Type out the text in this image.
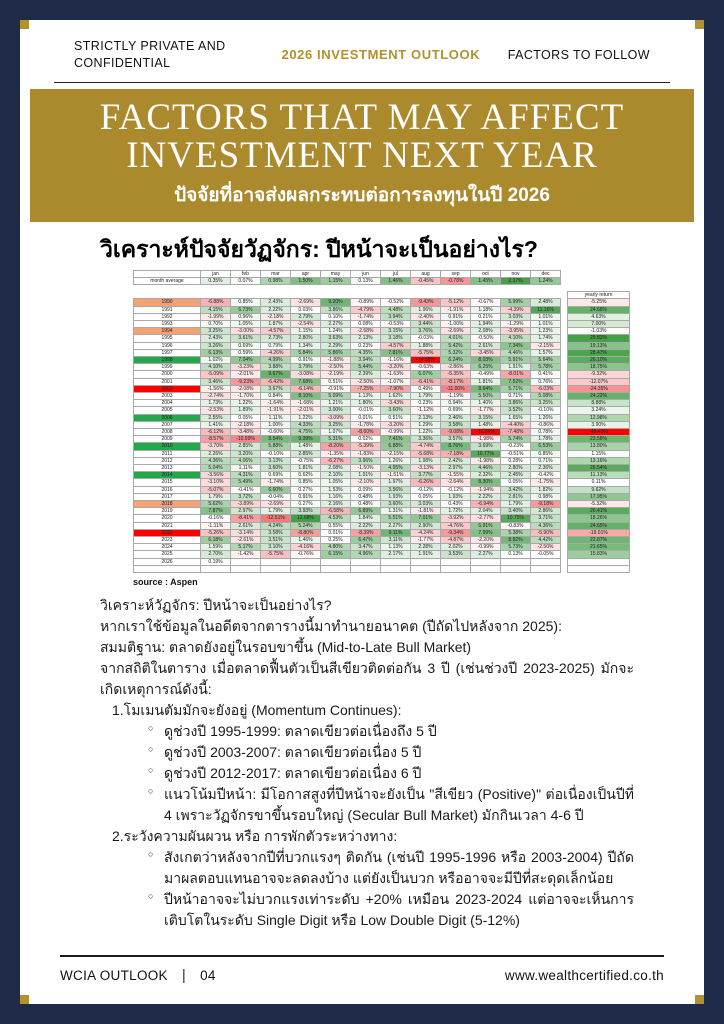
STRICTLY PRIVATE AND CONFIDENTIAL
2026 INVESTMENT OUTLOOK FACTORS TO FOLLOW
FACTORS THAT MAY AFFECT
INVESTMENT NEXT YEAR
ปัจจัยที่อาจส่งผลกระทบต่อการลงทุนในปี 2026
วิเคราะห์ปัจจัยวัฏจักร: ปีหน้าจะเป็นอย่างไร?
	jan	feb	mar	apr	may	jun	jul	aug	sep	oct	nov	dec		
month average	0.35%	0.07%	0.98%	1.50%	1.15%	0.13%	1.46%	-0.45%	-0.78%	1.45%	2.17%	1.24%		

														yearly return
1990	-6.88%	0.85%	2.43%	-2.69%	9.20%	-0.89%	-0.52%	-9.43%	-5.12%	-0.67%	5.99%	2.48%		-5.25%
1991	4.15%	6.73%	2.22%	0.03%	3.86%	-4.79%	4.48%	1.96%	-1.91%	1.18%	-4.39%	11.16%		24.68%
1992	-1.99%	0.96%	-2.18%	2.79%	0.10%	-1.74%	3.94%	-2.40%	0.91%	0.21%	3.03%	1.01%		4.63%
1993	0.70%	1.05%	1.87%	-2.54%	2.27%	0.08%	-0.53%	3.44%	-1.00%	1.94%	-1.29%	1.01%		7.00%
1994	3.25%	-3.00%	-4.57%	1.15%	1.24%	-2.68%	3.15%	3.76%	-2.69%	2.08%	-3.95%	1.23%		-1.03%
1995	2.43%	3.61%	2.73%	2.80%	3.63%	2.13%	3.18%	-0.03%	4.01%	-0.50%	4.10%	1.74%		29.83%
1996	3.26%	0.69%	0.79%	1.34%	2.29%	0.23%	-4.57%	1.88%	5.42%	2.61%	7.34%	-2.15%		19.13%
1997	6.13%	0.59%	-4.26%	5.84%	5.86%	4.35%	7.81%	-5.75%	5.32%	-3.45%	4.46%	1.57%		28.47%
1998	1.02%	7.04%	4.99%	0.91%	-1.88%	3.94%	-1.16%	-14.58%	6.24%	8.03%	5.91%	5.64%		26.10%
1999	4.10%	-3.23%	3.88%	3.79%	-2.50%	5.44%	-3.20%	-0.63%	-2.86%	6.25%	1.91%	5.78%		18.75%
2000	-5.09%	-2.01%	9.67%	-3.08%	-2.19%	2.39%	-1.63%	6.07%	-5.35%	-0.49%	-8.01%	0.41%		-9.32%
2001	3.46%	-9.23%	-6.42%	7.68%	0.51%	-2.50%	-1.07%	-6.41%	-8.17%	1.81%	7.52%	0.76%		-12.07%
2002	-1.56%	-2.08%	3.67%	-6.14%	-0.91%	-7.25%	-7.90%	0.49%	-11.00%	8.64%	5.71%	-6.03%		-24.35%
2003	-2.74%	-1.70%	0.84%	8.10%	5.09%	1.13%	1.62%	1.79%	-1.19%	5.50%	0.71%	5.08%		24.22%
2004	1.73%	1.22%	-1.64%	-1.68%	1.21%	1.80%	-3.43%	0.23%	0.94%	1.40%	3.86%	3.25%		8.88%
2005	-2.53%	1.89%	-1.91%	-2.01%	3.00%	-0.01%	3.60%	-1.12%	0.69%	-1.77%	3.52%	-0.10%		3.24%
2006	2.55%	0.05%	1.11%	1.22%	-3.09%	0.01%	0.51%	2.13%	2.46%	3.15%	1.65%	1.26%		12.98%
2007	1.41%	-2.18%	1.00%	4.33%	3.25%	-1.78%	-3.20%	1.29%	3.58%	1.48%	-4.40%	-0.86%		3.90%
2008	-6.12%	-3.48%	-0.60%	4.75%	1.07%	-8.60%	-0.99%	1.22%	-9.08%	-16.94%	-7.48%	0.78%		-45.45%
2009	-8.57%	-10.99%	8.54%	9.39%	5.31%	0.02%	7.41%	3.36%	3.57%	-1.98%	5.74%	1.78%		23.58%
2010	-3.70%	2.85%	5.88%	1.48%	-8.20%	-5.39%	6.88%	-4.74%	8.76%	3.69%	-0.23%	6.53%		13.80%
2011	2.26%	3.20%	-0.10%	2.85%	-1.35%	-1.83%	-2.15%	-5.68%	-7.18%	10.77%	-0.51%	0.85%		1.15%
2012	4.36%	4.06%	3.13%	-0.75%	-6.27%	3.96%	1.26%	1.98%	2.42%	-1.98%	0.28%	0.71%		13.16%
2013	5.04%	1.11%	3.60%	1.81%	2.08%	-1.50%	4.95%	-3.13%	2.97%	4.46%	2.80%	2.36%		26.54%
2014	-3.56%	4.31%	0.69%	0.62%	2.10%	1.91%	-1.51%	3.77%	-1.55%	2.32%	2.45%	-0.42%		11.13%
2015	-3.10%	5.49%	-1.74%	0.85%	1.05%	-2.10%	1.97%	-6.26%	-2.64%	8.30%	0.05%	-1.75%		0.11%
2016	-5.07%	-0.41%	6.60%	0.27%	1.53%	0.09%	3.56%	-0.12%	-0.12%	-1.94%	3.42%	1.82%		9.62%
2017	1.79%	3.72%	-0.04%	0.91%	1.16%	0.48%	1.93%	0.05%	1.93%	2.22%	2.81%	0.98%		17.95%
2018	5.62%	-3.89%	-2.69%	0.27%	2.16%	0.48%	3.60%	3.03%	0.43%	-6.94%	1.79%	-9.18%		-5.32%
2019	7.87%	2.97%	1.79%	3.93%	-6.58%	6.89%	1.31%	-1.81%	1.72%	2.04%	3.40%	2.86%		26.41%
2020	-0.16%	-8.41%	-12.51%	12.68%	4.53%	1.84%	5.51%	7.01%	-3.92%	-2.77%	10.75%	3.71%		18.26%
2021	-1.11%	2.61%	4.24%	5.24%	0.55%	2.22%	2.27%	2.90%	-4.76%	6.91%	-0.83%	4.36%		24.65%
2022	-5.26%	-3.14%	3.58%	-8.80%	0.01%	-8.39%	9.11%	-4.24%	-9.34%	7.99%	5.38%	-5.90%		-19.01%
2023	6.18%	-2.61%	3.51%	1.46%	0.25%	6.47%	3.11%	-1.77%	-4.87%	-2.20%	8.92%	4.42%		22.87%
2024	1.59%	5.17%	3.10%	-4.16%	4.80%	3.47%	1.13%	2.28%	2.02%	-0.99%	5.73%	-2.50%		21.65%
2025	2.70%	-1.42%	-5.75%	-0.76%	6.15%	4.96%	2.17%	1.91%	3.53%	2.27%	0.13%	-0.05%		15.83%
2026	0.19%													

source : Aspen
วิเคราะห์วัฏจักร: ปีหน้าจะเป็นอย่างไร?
หากเราใช้ข้อมูลในอดีตจากตารางนี้มาทำนายอนาคต (ปีถัดไปหลังจาก 2025):
สมมติฐาน: ตลาดยังอยู่ในรอบขาขึ้น (Mid-to-Late Bull Market)
จากสถิติในตาราง เมื่อตลาดฟื้นตัวเป็นสีเขียวติดต่อกัน 3 ปี (เช่นช่วงปี 2023-2025) มักจะเกิดเหตุการณ์ดังนี้:
1.โมเมนตัมมักจะยังอยู่ (Momentum Continues):
○ ดูช่วงปี 1995-1999: ตลาดเขียวต่อเนื่องถึง 5 ปี
○ ดูช่วงปี 2003-2007: ตลาดเขียวต่อเนื่อง 5 ปี
○ ดูช่วงปี 2012-2017: ตลาดเขียวต่อเนื่อง 6 ปี
○ แนวโน้มปีหน้า: มีโอกาสสูงที่ปีหน้าจะยังเป็น "สีเขียว (Positive)" ต่อเนื่องเป็นปีที่ 4 เพราะวัฏจักรขาขึ้นรอบใหญ่ (Secular Bull Market) มักกินเวลา 4-6 ปี
2.ระวังความผันผวน หรือ การพักตัวระหว่างทาง:
○ สังเกตว่าหลังจากปีที่บวกแรงๆ ติดกัน (เช่นปี 1995-1996 หรือ 2003-2004) ปีถัดมาผลตอบแทนอาจจะลดลงบ้าง แต่ยังเป็นบวก หรืออาจจะมีปีที่สะดุดเล็กน้อย
○ ปีหน้าอาจจะไม่บวกแรงเท่าระดับ +20% เหมือน 2023-2024 แต่อาจจะเห็นการเติบโตในระดับ Single Digit หรือ Low Double Digit (5-12%)
WCIA OUTLOOK | 04	www.wealthcertified.co.th
